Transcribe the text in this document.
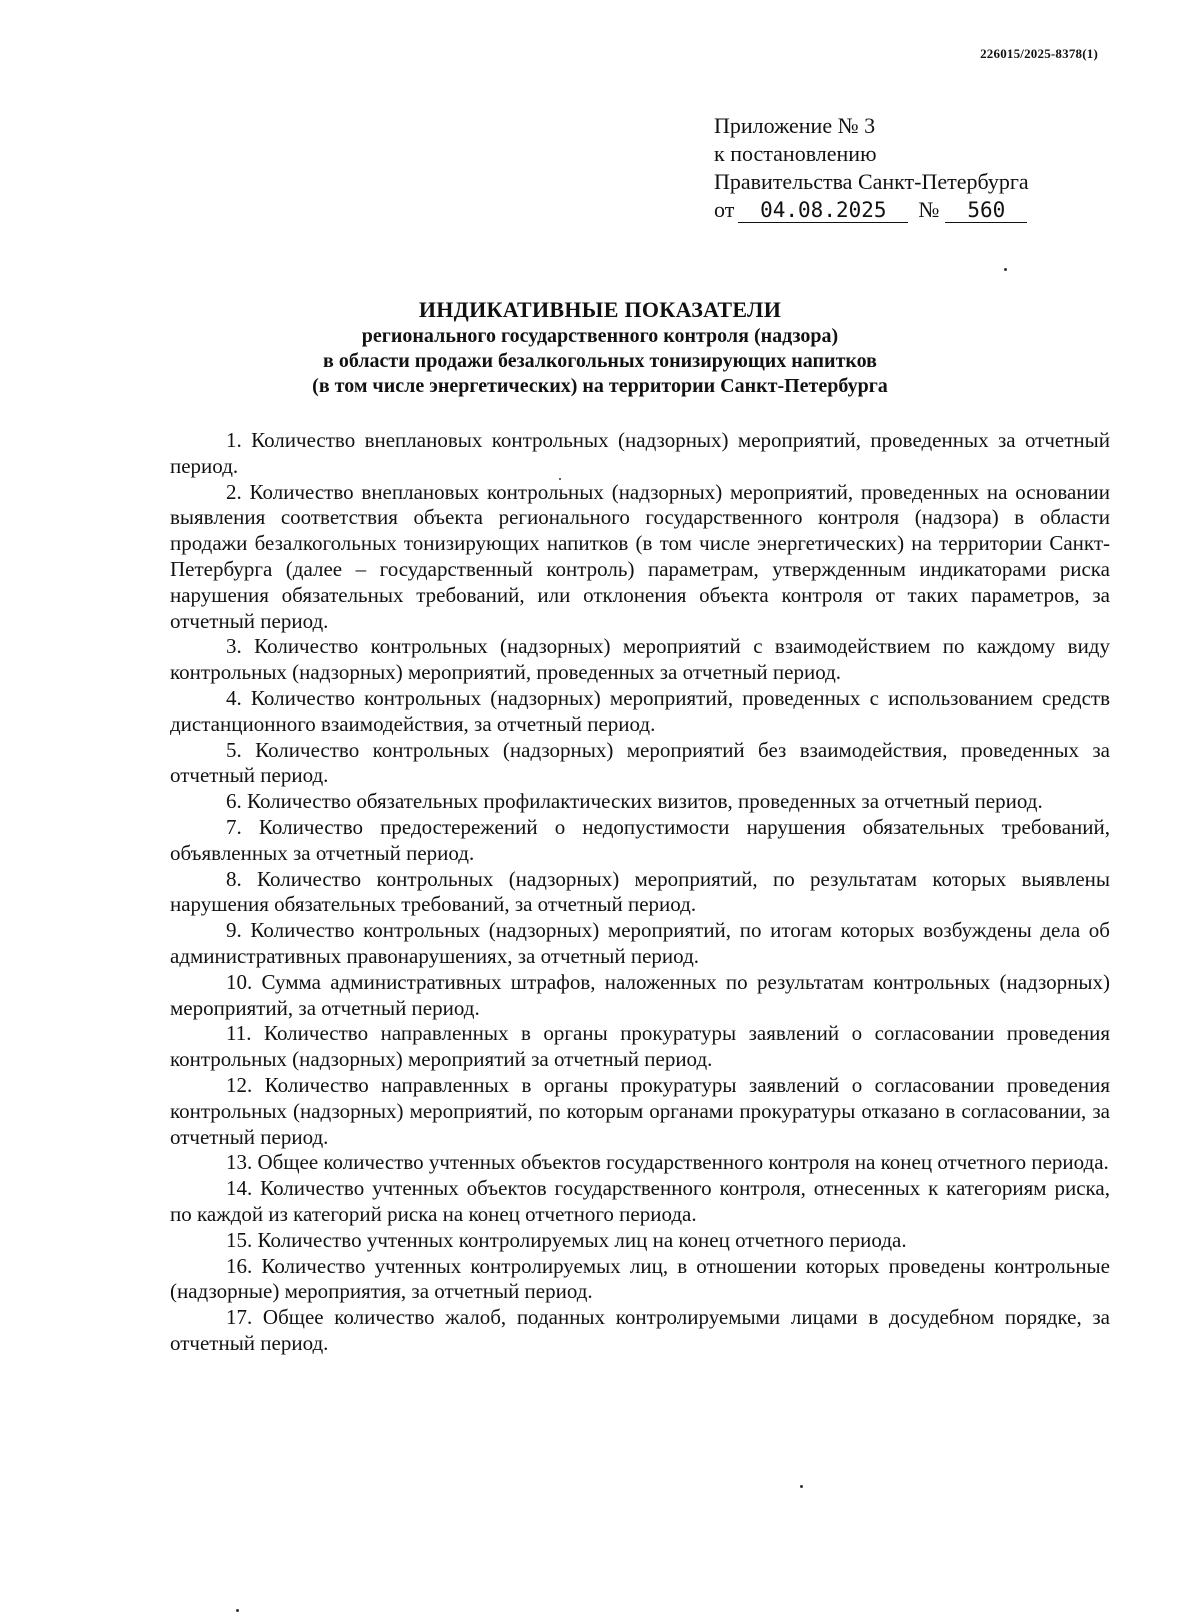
226015/2025-8378(1)
Приложение № 3
к постановлению
Правительства Санкт-Петербурга
от 04.08.2025 № 560
ИНДИКАТИВНЫЕ ПОКАЗАТЕЛИ
регионального государственного контроля (надзора)
в области продажи безалкогольных тонизирующих напитков
(в том числе энергетических) на территории Санкт-Петербурга

1. Количество внеплановых контрольных (надзорных) мероприятий, проведенных за отчетный период.

2. Количество внеплановых контрольных (надзорных) мероприятий, проведенных на основании выявления соответствия объекта регионального государственного контроля (надзора) в области продажи безалкогольных тонизирующих напитков (в том числе энергетических) на территории Санкт-Петербурга (далее – государственный контроль) параметрам, утвержденным индикаторами риска нарушения обязательных требований, или отклонения объекта контроля от таких параметров, за отчетный период.

3. Количество контрольных (надзорных) мероприятий с взаимодействием по каждому виду контрольных (надзорных) мероприятий, проведенных за отчетный период.

4. Количество контрольных (надзорных) мероприятий, проведенных с использованием средств дистанционного взаимодействия, за отчетный период.

5. Количество контрольных (надзорных) мероприятий без взаимодействия, проведенных за отчетный период.

6. Количество обязательных профилактических визитов, проведенных за отчетный период.

7. Количество предостережений о недопустимости нарушения обязательных требований, объявленных за отчетный период.

8. Количество контрольных (надзорных) мероприятий, по результатам которых выявлены нарушения обязательных требований, за отчетный период.

9. Количество контрольных (надзорных) мероприятий, по итогам которых возбуждены дела об административных правонарушениях, за отчетный период.

10. Сумма административных штрафов, наложенных по результатам контрольных (надзорных) мероприятий, за отчетный период.

11. Количество направленных в органы прокуратуры заявлений о согласовании проведения контрольных (надзорных) мероприятий за отчетный период.

12. Количество направленных в органы прокуратуры заявлений о согласовании проведения контрольных (надзорных) мероприятий, по которым органами прокуратуры отказано в согласовании, за отчетный период.

13. Общее количество учтенных объектов государственного контроля на конец отчетного периода.

14. Количество учтенных объектов государственного контроля, отнесенных к категориям риска, по каждой из категорий риска на конец отчетного периода.

15. Количество учтенных контролируемых лиц на конец отчетного периода.

16. Количество учтенных контролируемых лиц, в отношении которых проведены контрольные (надзорные) мероприятия, за отчетный период.

17. Общее количество жалоб, поданных контролируемыми лицами в досудебном порядке, за отчетный период.
